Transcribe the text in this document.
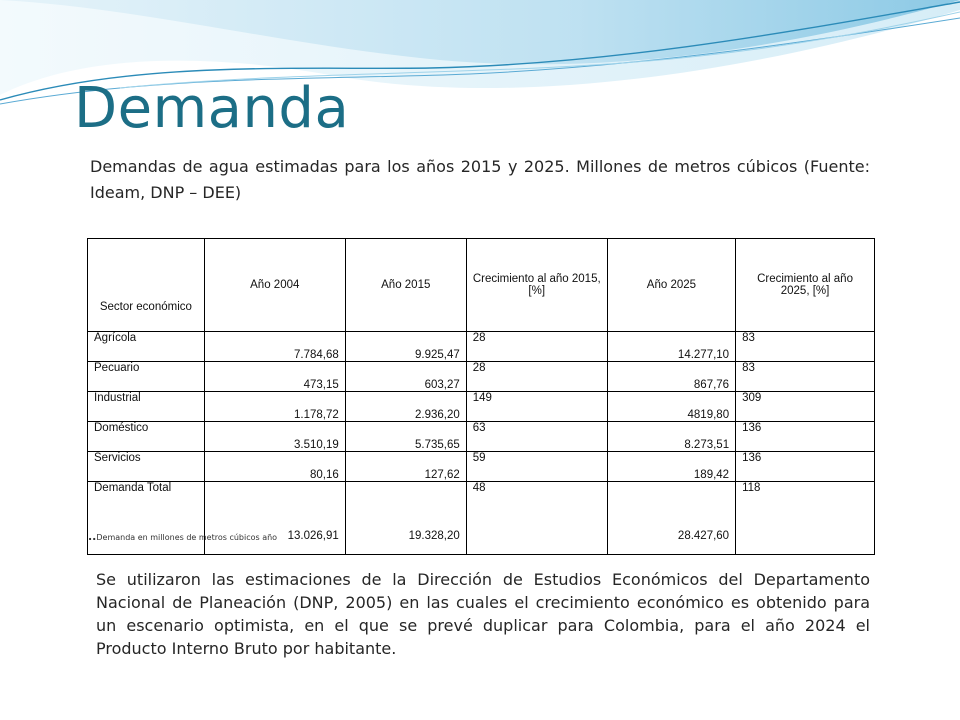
Demanda
Demandas de agua estimadas para los años 2015 y 2025. Millones de metros cúbicos (Fuente: Ideam, DNP – DEE)
Sector económico	Año 2004	Año 2015	Crecimiento al año 2015, [%]	Año 2025	Crecimiento al año 2025, [%]
Agrícola	7.784,68	9.925,47	28	14.277,10	83
Pecuario	473,15	603,27	28	867,76	83
Industrial	1.178,72	2.936,20	149	4819,80	309
Doméstico	3.510,19	5.735,65	63	8.273,51	136
Servicios	80,16	127,62	59	189,42	136
Demanda Total	13.026,91	19.328,20	48	28.427,60	118
..Demanda en millones de metros cúbicos año
Se utilizaron las estimaciones de la Dirección de Estudios Económicos del Departamento Nacional de Planeación (DNP, 2005) en las cuales el crecimiento económico es obtenido para un escenario optimista, en el que se prevé duplicar para Colombia, para el año 2024 el Producto Interno Bruto por habitante.
